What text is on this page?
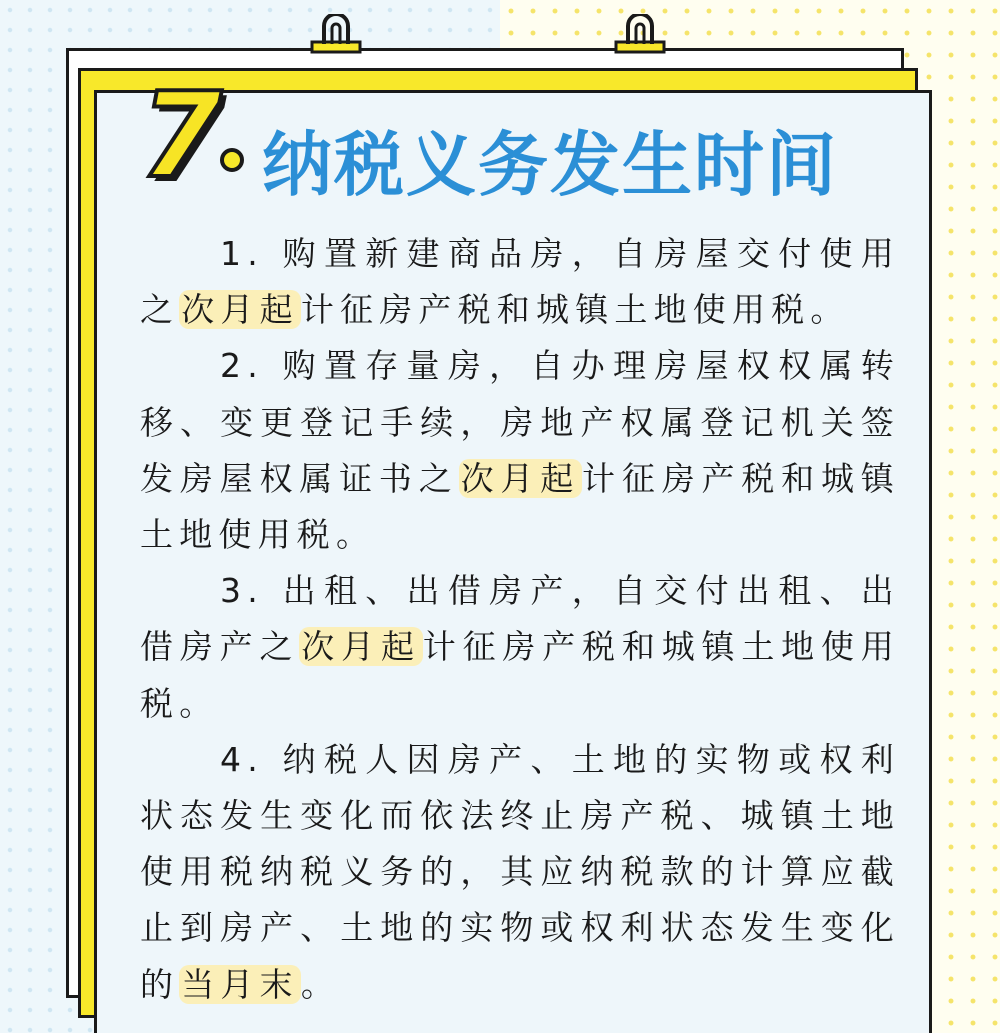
7 纳税义务发生时间

1. 购置新建商品房，自房屋交付使用之次月起计征房产税和城镇土地使用税。

2. 购置存量房，自办理房屋权权属转移、变更登记手续，房地产权属登记机关签发房屋权属证书之次月起计征房产税和城镇土地使用税。

3. 出租、出借房产，自交付出租、出借房产之次月起计征房产税和城镇土地使用税。

4. 纳税人因房产、土地的实物或权利状态发生变化而依法终止房产税、城镇土地使用税纳税义务的，其应纳税款的计算应截止到房产、土地的实物或权利状态发生变化的当月末。
